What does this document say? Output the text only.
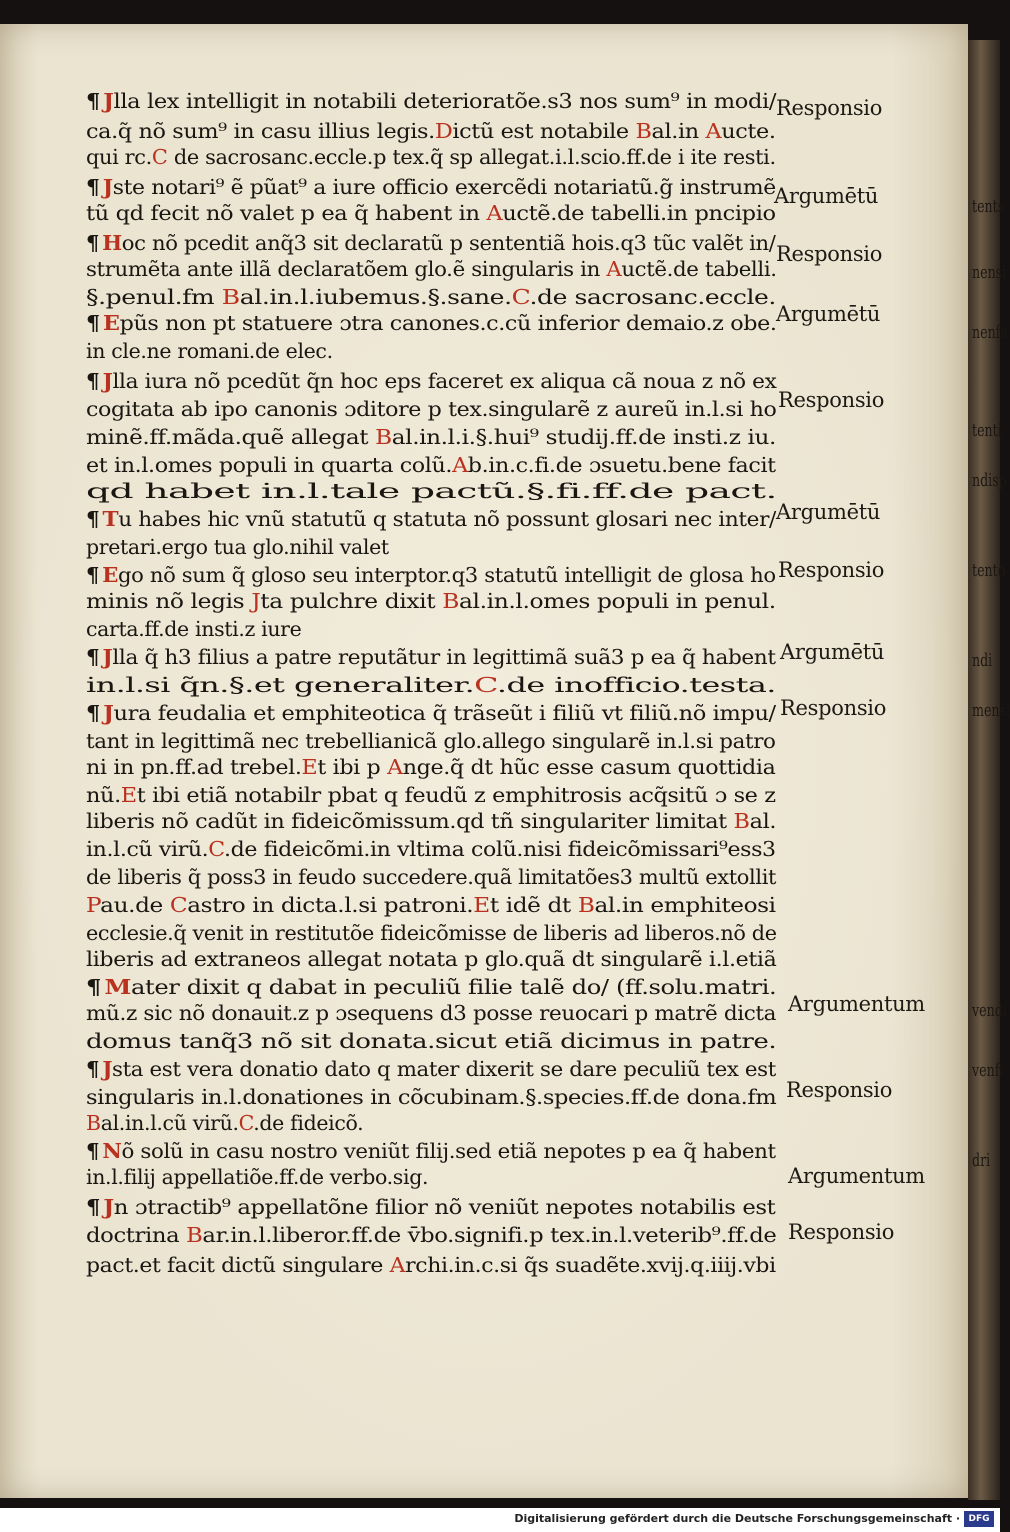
tents
nensi
nenfa
tenti
ndisp
tento
ndi
mensi
vendi
venfi
dri
¶ Jlla lex intelligit in notabili deterioratõe.s3 nos sum⁹ in modi/
ca.q̃ nõ sum⁹ in casu illius legis.Dictũ est notabile Bal.in Aucte.
qui rc.C de sacrosanc.eccle.p tex.q̃ sp allegat.i.l.scio.ff.de i ite resti.
¶ Jste notari⁹ ẽ pũat⁹ a iure officio exercẽdi notariatũ.g̃ instrumẽ
tũ qd fecit nõ valet p ea q̃ habent in Auctẽ.de tabelli.in pncipio
¶ Hoc nõ pcedit anq̃3 sit declaratũ p sententiã hois.q3 tũc valẽt in/
strumẽta ante illã declaratõem glo.ẽ singularis in Auctẽ.de tabelli.
§.penul.fm Bal.in.l.iubemus.§.sane.C.de sacrosanc.eccle.
¶ Epũs non pt statuere ɔtra canones.c.cũ inferior demaio.z obe.
in cle.ne romani.de elec.
¶ Jlla iura nõ pcedũt q̃n hoc eps faceret ex aliqua cã noua z nõ ex
cogitata ab ipo canonis ɔditore p tex.singularẽ z aureũ in.l.si ho
minẽ.ff.mãda.quẽ allegat Bal.in.l.i.§.hui⁹ studij.ff.de insti.z iu.
et in.l.omes populi in quarta colũ.Ab.in.c.fi.de ɔsuetu.bene facit
qd habet in.l.tale pactũ.§.fi.ff.de pact.
¶ Tu habes hic vnũ statutũ q statuta nõ possunt glosari nec inter/
pretari.ergo tua glo.nihil valet
¶ Ego nõ sum q̃ gloso seu interptor.q3 statutũ intelligit de glosa ho
minis nõ legis Jta pulchre dixit Bal.in.l.omes populi in penul.
carta.ff.de insti.z iure
¶ Jlla q̃ h3 filius a patre reputãtur in legittimã suã3 p ea q̃ habent
in.l.si q̃n.§.et generaliter.C.de inofficio.testa.
¶ Jura feudalia et emphiteotica q̃ trãseũt i filiũ vt filiũ.nõ impu/
tant in legittimã nec trebellianicã glo.allego singularẽ in.l.si patro
ni in pn.ff.ad trebel.Et ibi p Ange.q̃ dt hũc esse casum quottidia
nũ.Et ibi etiã notabilr pbat q feudũ z emphitrosis acq̃sitũ ɔ se z
liberis nõ cadũt in fideicõmissum.qd tñ singulariter limitat Bal.
in.l.cũ virũ.C.de fideicõmi.in vltima colũ.nisi fideicõmissari⁹ess3
de liberis q̃ poss3 in feudo succedere.quã limitatões3 multũ extollit
Pau.de Castro in dicta.l.si patroni.Et idẽ dt Bal.in emphiteosi
ecclesie.q̃ venit in restitutõe fideicõmisse de liberis ad liberos.nõ de
liberis ad extraneos allegat notata p glo.quã dt singularẽ i.l.etiã
¶ Mater dixit q dabat in peculiũ filie talẽ do/ (ff.solu.matri.
mũ.z sic nõ donauit.z p ɔsequens d3 posse reuocari p matrẽ dicta
domus tanq̃3 nõ sit donata.sicut etiã dicimus in patre.
¶ Jsta est vera donatio dato q mater dixerit se dare peculiũ tex est
singularis in.l.donationes in cõcubinam.§.species.ff.de dona.fm
Bal.in.l.cũ virũ.C.de fideicõ.
¶ Nõ solũ in casu nostro veniũt filij.sed etiã nepotes p ea q̃ habent
in.l.filij appellatiõe.ff.de verbo.sig.
¶ Jn ɔtractib⁹ appellatõne filior nõ veniũt nepotes notabilis est
doctrina Bar.in.l.liberor.ff.de v̄bo.signifi.p tex.in.l.veterib⁹.ff.de
pact.et facit dictũ singulare Archi.in.c.si q̃s suadẽte.xvij.q.iiij.vbi
Responsio
Argumētū
Responsio
Argumētū
Responsio
Argumētū
Responsio
Argumētū
Responsio
Argumentum
Responsio
Argumentum
Responsio
Digitalisierung gefördert durch die Deutsche Forschungsgemeinschaft · DFG
